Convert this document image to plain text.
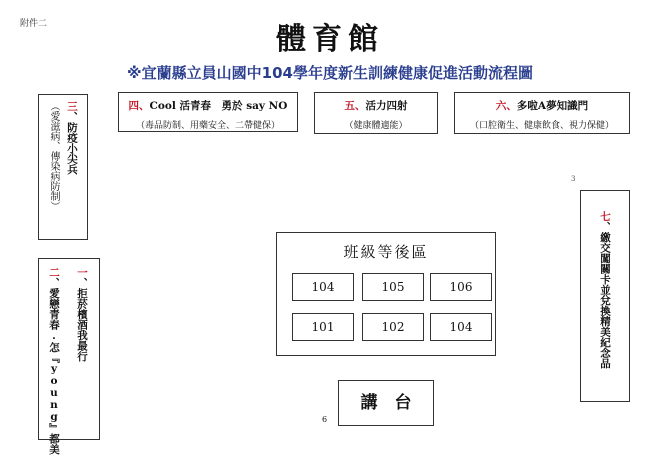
附件二	體育館
※宜蘭縣立員山國中104學年度新生訓練健康促進活動流程圖
三、防疫小尖兵
（愛滋病、傳染病防制）	四、Cool 活青春　勇於 say NO
（毒品防制、用藥安全、二帶健保）
五、活力四射
（健康體適能）
六、多啦A夢知識門
（口腔衛生、健康飲食、視力保健）
3
七、繳交闖關卡並兌換精美紀念品
一、拒菸檳酒我最行
二、愛戀青春.怎『young』都美
班級等後區
104	105	106
101	102	104
講　台
6
